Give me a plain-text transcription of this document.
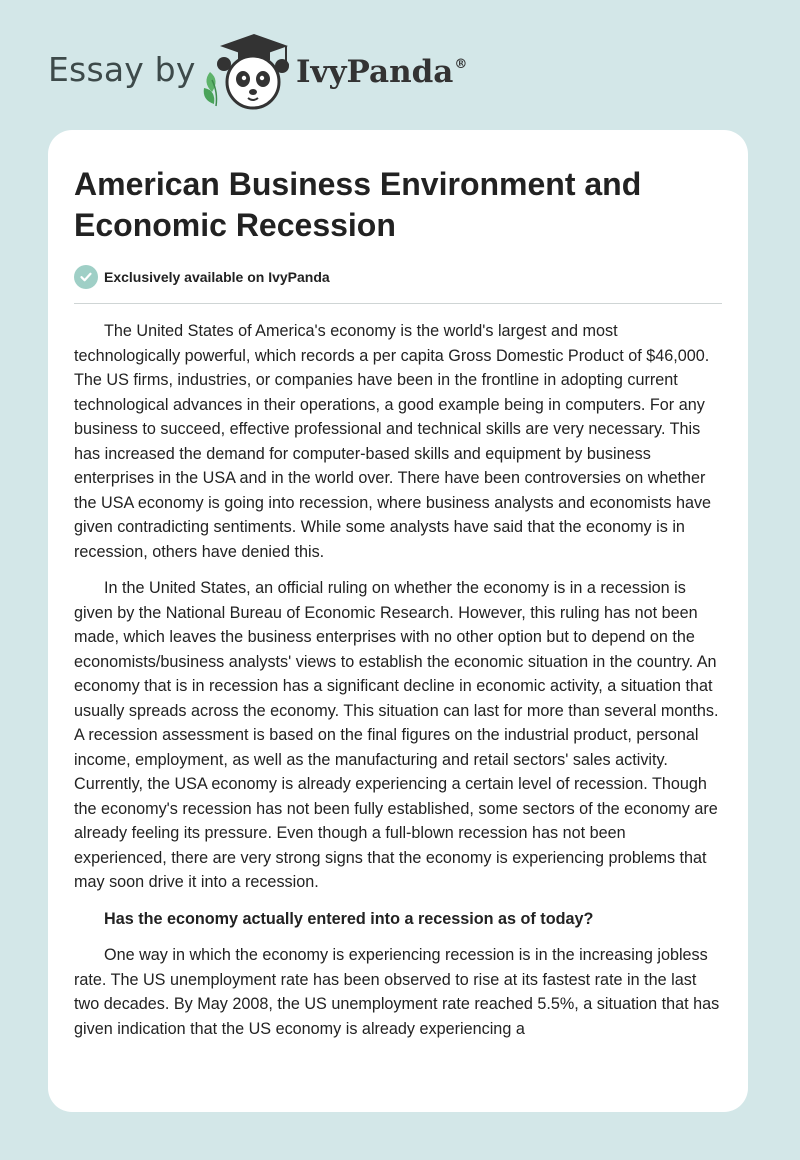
Essay by	IvyPanda®
American Business Environment and Economic Recession
Exclusively available on IvyPanda

The United States of America's economy is the world's largest and most technologically powerful, which records a per capita Gross Domestic Product of $46,000. The US firms, industries, or companies have been in the frontline in adopting current technological advances in their operations, a good example being in computers. For any business to succeed, effective professional and technical skills are very necessary. This has increased the demand for computer-based skills and equipment by business enterprises in the USA and in the world over. There have been controversies on whether the USA economy is going into recession, where business analysts and economists have given contradicting sentiments. While some analysts have said that the economy is in recession, others have denied this.

In the United States, an official ruling on whether the economy is in a recession is given by the National Bureau of Economic Research. However, this ruling has not been made, which leaves the business enterprises with no other option but to depend on the economists/business analysts' views to establish the economic situation in the country. An economy that is in recession has a significant decline in economic activity, a situation that usually spreads across the economy. This situation can last for more than several months. A recession assessment is based on the final figures on the industrial product, personal income, employment, as well as the manufacturing and retail sectors' sales activity. Currently, the USA economy is already experiencing a certain level of recession. Though the economy's recession has not been fully established, some sectors of the economy are already feeling its pressure. Even though a full-blown recession has not been experienced, there are very strong signs that the economy is experiencing problems that may soon drive it into a recession.

Has the economy actually entered into a recession as of today?

One way in which the economy is experiencing recession is in the increasing jobless rate. The US unemployment rate has been observed to rise at its fastest rate in the last two decades. By May 2008, the US unemployment rate reached 5.5%, a situation that has given indication that the US economy is already experiencing a
